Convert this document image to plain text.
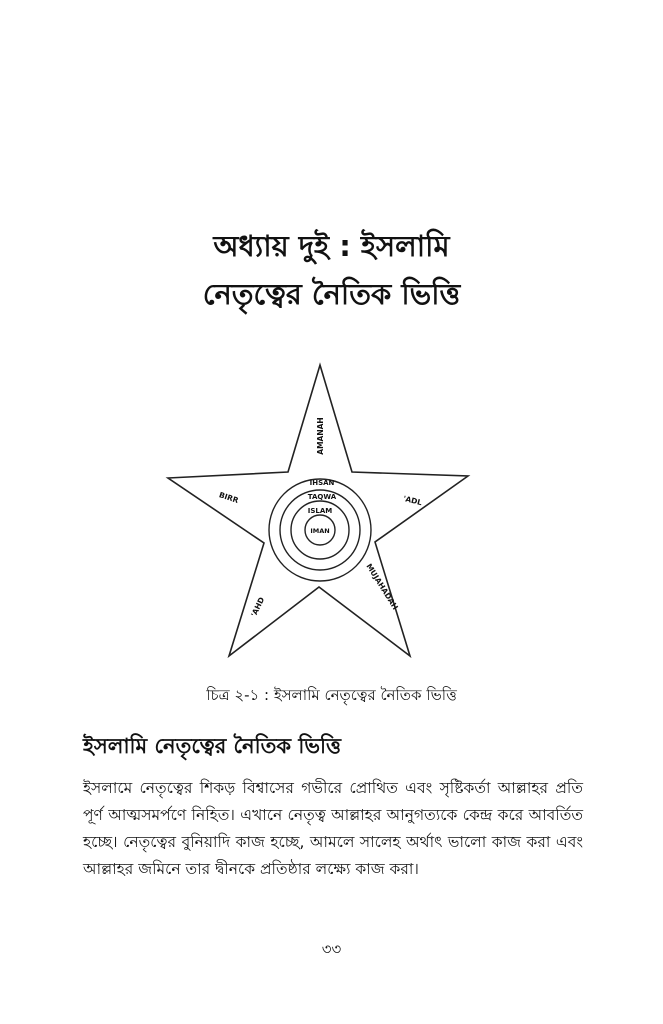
অধ্যায় দুই : ইসলামি
নেতৃত্বের নৈতিক ভিত্তি
AMANAH
'ADL
MUJAHADAH
'AHD
BIRR
IHSAN
TAQWA
ISLAM
IMAN
চিত্র ২-১ : ইসলামি নেতৃত্বের নৈতিক ভিত্তি
ইসলামি নেতৃত্বের নৈতিক ভিত্তি
ইসলামে নেতৃত্বের শিকড় বিশ্বাসের গভীরে প্রোথিত এবং সৃষ্টিকর্তা আল্লাহর প্রতি পূর্ণ আত্মসমর্পণে নিহিত। এখানে নেতৃত্ব আল্লাহর আনুগত্যকে কেন্দ্র করে আবর্তিত হচ্ছে। নেতৃত্বের বুনিয়াদি কাজ হচ্ছে, আমলে সালেহ অর্থাৎ ভালো কাজ করা এবং আল্লাহর জমিনে তার দ্বীনকে প্রতিষ্ঠার লক্ষ্যে কাজ করা।
৩৩
